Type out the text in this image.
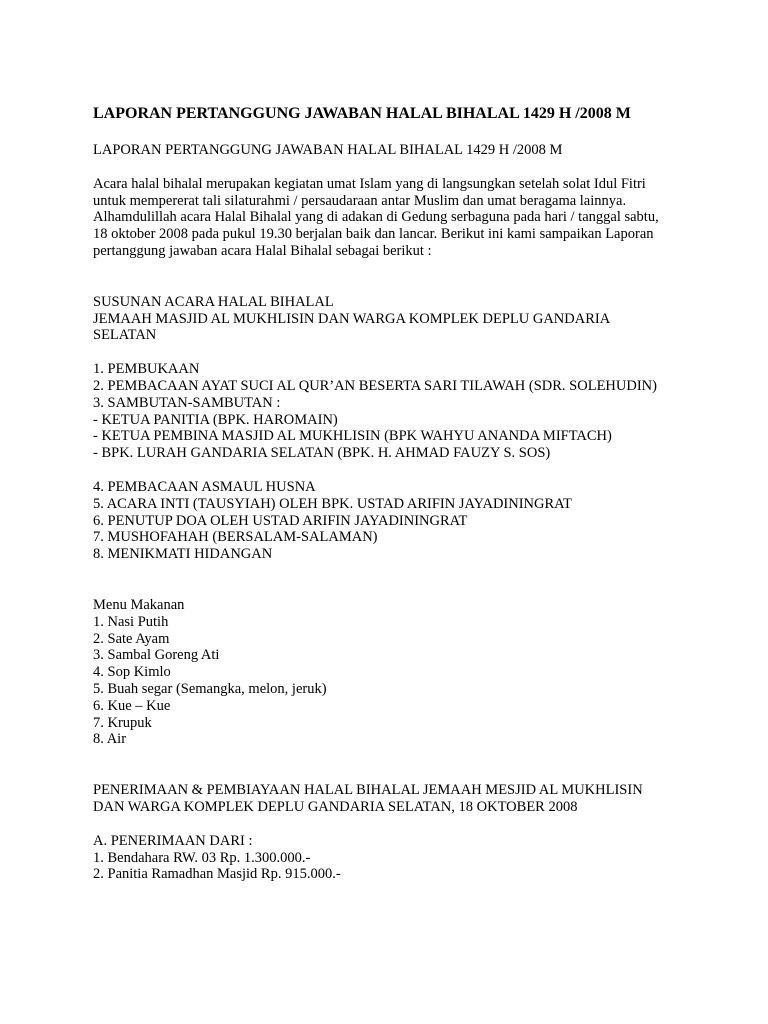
LAPORAN PERTANGGUNG JAWABAN HALAL BIHALAL 1429 H /2008 M

LAPORAN PERTANGGUNG JAWABAN HALAL BIHALAL 1429 H /2008 M

Acara halal bihalal merupakan kegiatan umat Islam yang di langsungkan setelah solat Idul Fitri untuk mempererat tali silaturahmi / persaudaraan antar Muslim dan umat beragama lainnya. Alhamdulillah acara Halal Bihalal yang di adakan di Gedung serbaguna pada hari / tanggal sabtu, 18 oktober 2008 pada pukul 19.30 berjalan baik dan lancar. Berikut ini kami sampaikan Laporan pertanggung jawaban acara Halal Bihalal sebagai berikut :

SUSUNAN ACARA HALAL BIHALAL

JEMAAH MASJID AL MUKHLISIN DAN WARGA KOMPLEK DEPLU GANDARIA SELATAN

1. PEMBUKAAN
2. PEMBACAAN AYAT SUCI AL QUR’AN BESERTA SARI TILAWAH (SDR. SOLEHUDIN)
3. SAMBUTAN-SAMBUTAN :
- KETUA PANITIA (BPK. HAROMAIN)
- KETUA PEMBINA MASJID AL MUKHLISIN (BPK WAHYU ANANDA MIFTACH)
- BPK. LURAH GANDARIA SELATAN (BPK. H. AHMAD FAUZY S. SOS)
4. PEMBACAAN ASMAUL HUSNA
5. ACARA INTI (TAUSYIAH) OLEH BPK. USTAD ARIFIN JAYADININGRAT
6. PENUTUP DOA OLEH USTAD ARIFIN JAYADININGRAT
7. MUSHOFAHAH (BERSALAM-SALAMAN)
8. MENIKMATI HIDANGAN

Menu Makanan

1. Nasi Putih
2. Sate Ayam
3. Sambal Goreng Ati
4. Sop Kimlo
5. Buah segar (Semangka, melon, jeruk)
6. Kue – Kue
7. Krupuk
8. Air

PENERIMAAN & PEMBIAYAAN HALAL BIHALAL JEMAAH MESJID AL MUKHLISIN DAN WARGA KOMPLEK DEPLU GANDARIA SELATAN, 18 OKTOBER 2008

A. PENERIMAAN DARI :

1. Bendahara RW. 03 Rp. 1.300.000.-
2. Panitia Ramadhan Masjid Rp. 915.000.-
